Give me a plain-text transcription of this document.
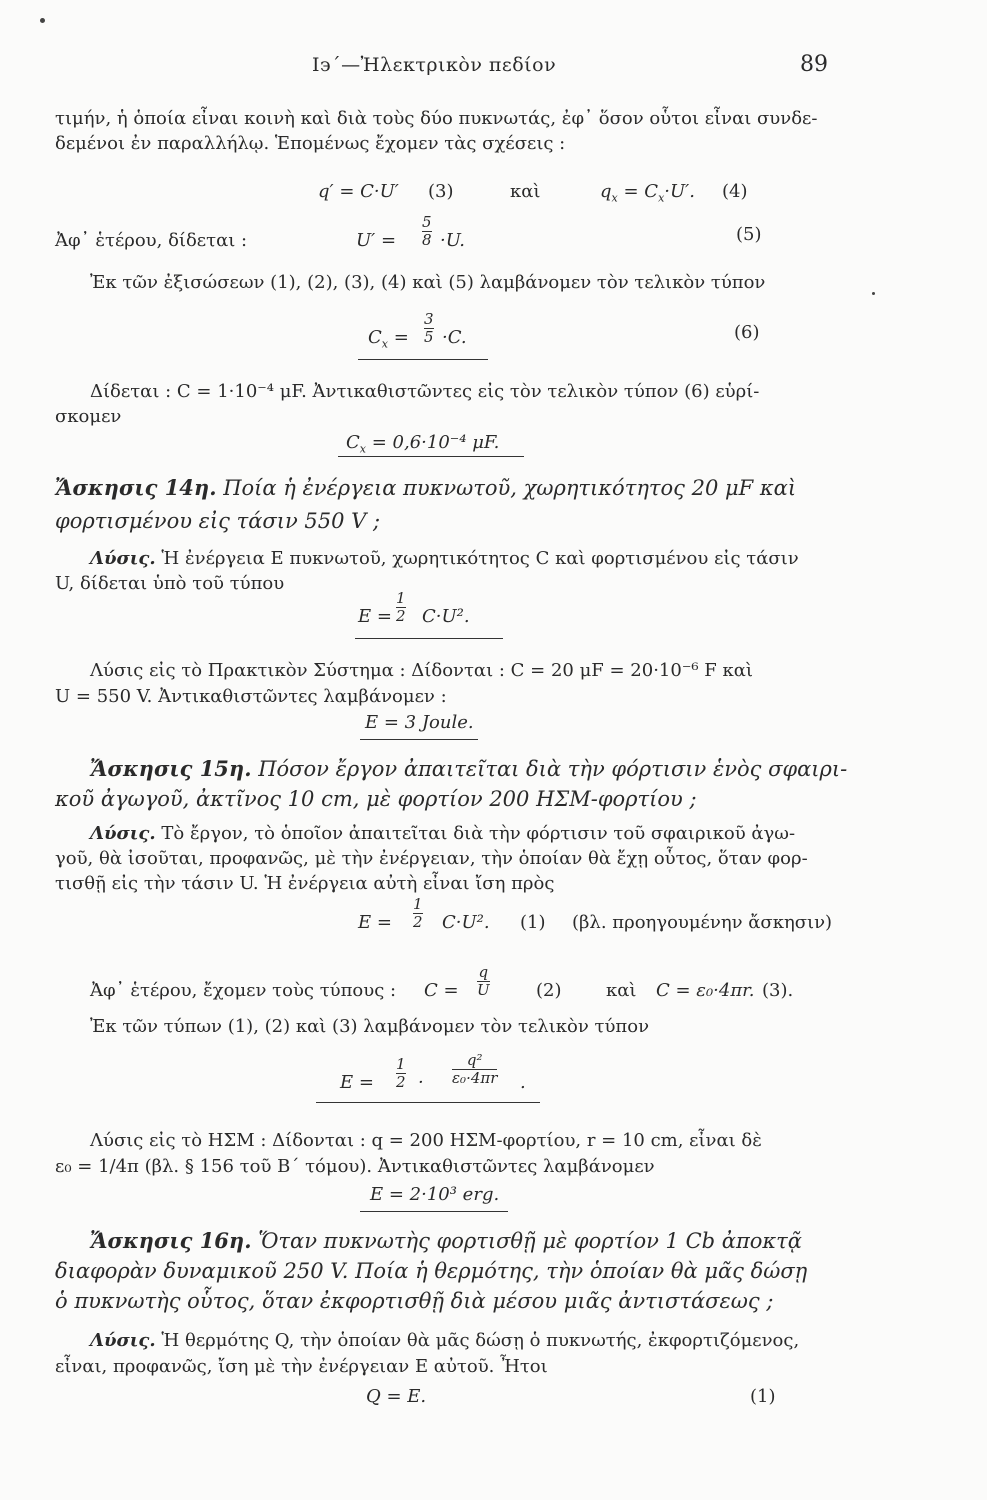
Ι϶΄—Ἠλεκτρικὸν πεδίον	89
τιμήν, ἡ ὁποία εἶναι κοινὴ καὶ διὰ τοὺς δύο πυκνωτάς, ἐφ᾽ ὅσον οὗτοι εἶναι συνδε-
δεμένοι ἐν παραλλήλῳ. Ἑπομένως ἔχομεν τὰς σχέσεις :
q′ = C·U′ (3)	καὶ	$q_x = C_x\cdot U'$. (4)
Ἀφ᾽ ἑτέρου, δίδεται :	U′ =
5
8 ·U.	(5)
Ἐκ τῶν ἐξισώσεων (1), (2), (3), (4) καὶ (5) λαμβάνομεν τὸν τελικὸν τύπον
$C_x$ =
3
5 ·C.	(6)
Δίδεται : C = 1·10⁻⁴ μF. Ἀντικαθιστῶντες εἰς τὸν τελικὸν τύπον (6) εὑρί-
σκομεν
$C_x = 0,6\cdot 10^{-4}$ μF.
Ἄσκησις 14η. Ποία ἡ ἐνέργεια πυκνωτοῦ, χωρητικότητος 20 μF καὶ
φορτισμένου εἰς τάσιν 550 V ;
Λύσις. Ἡ ἐνέργεια E πυκνωτοῦ, χωρητικότητος C καὶ φορτισμένου εἰς τάσιν
U, δίδεται ὑπὸ τοῦ τύπου
E =
1
2 C·U².
Λύσις εἰς τὸ Πρακτικὸν Σύστημα : Δίδονται : C = 20 μF = 20·10⁻⁶ F καὶ
U = 550 V. Ἀντικαθιστῶντες λαμβάνομεν :
E = 3 Joule.
Ἄσκησις 15η. Πόσον ἔργον ἀπαιτεῖται διὰ τὴν φόρτισιν ἑνὸς σφαιρι-
κοῦ ἀγωγοῦ, ἀκτῖνος 10 cm, μὲ φορτίον 200 ΗΣΜ-φορτίου ;
Λύσις. Τὸ ἔργον, τὸ ὁποῖον ἀπαιτεῖται διὰ τὴν φόρτισιν τοῦ σφαιρικοῦ ἀγω-
γοῦ, θὰ ἰσοῦται, προφανῶς, μὲ τὴν ἐνέργειαν, τὴν ὁποίαν θὰ ἔχῃ οὗτος, ὅταν φορ-
τισθῇ εἰς τὴν τάσιν U. Ἡ ἐνέργεια αὐτὴ εἶναι ἴση πρὸς
E =
1
2 C·U². (1) (βλ. προηγουμένην ἄσκησιν)
Ἀφ᾽ ἑτέρου, ἔχομεν τοὺς τύπους : C =
q
U	(2) καὶ C = ε₀·4πr. (3).
Ἐκ τῶν τύπων (1), (2) καὶ (3) λαμβάνομεν τὸν τελικὸν τύπον
E =
1
2 ·
q²
ε₀·4πr .
Λύσις εἰς τὸ ΗΣΜ : Δίδονται : q = 200 ΗΣΜ-φορτίου, r = 10 cm, εἶναι δὲ
ε₀ = 1/4π (βλ. § 156 τοῦ Β΄ τόμου). Ἀντικαθιστῶντες λαμβάνομεν
E = 2·10³ erg.
Ἄσκησις 16η. Ὅταν πυκνωτὴς φορτισθῇ μὲ φορτίον 1 Cb ἀποκτᾷ
διαφορὰν δυναμικοῦ 250 V. Ποία ἡ θερμότης, τὴν ὁποίαν θὰ μᾶς δώσῃ
ὁ πυκνωτὴς οὗτος, ὅταν ἐκφορτισθῇ διὰ μέσου μιᾶς ἀντιστάσεως ;
Λύσις. Ἡ θερμότης Q, τὴν ὁποίαν θὰ μᾶς δώσῃ ὁ πυκνωτής, ἐκφορτιζόμενος,
εἶναι, προφανῶς, ἴση μὲ τὴν ἐνέργειαν E αὐτοῦ. Ἦτοι
Q = E.	(1)
